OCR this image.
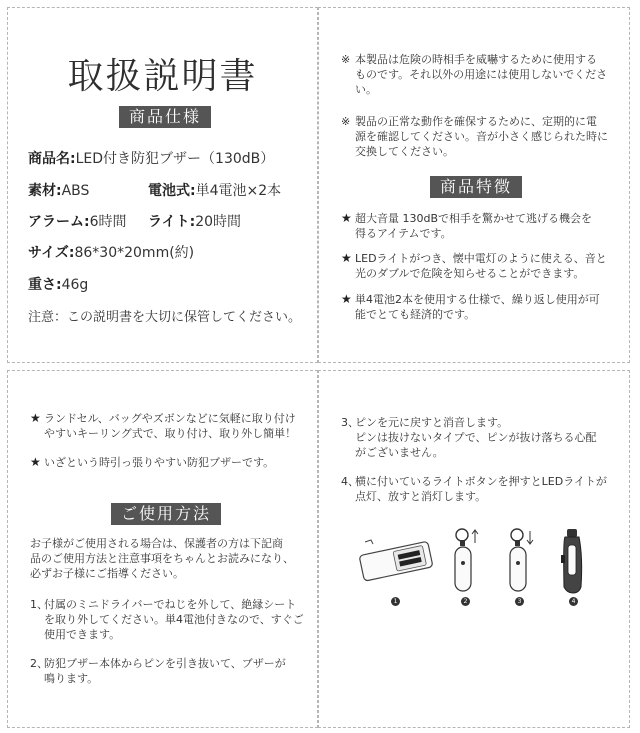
取扱説明書
商品仕様
商品名:LED付き防犯ブザー（130dB）
素材:ABS	電池式:単4電池×2本
アラーム:6時間 ライト:20時間
サイズ:86*30*20mm(約)
重さ:46g
注意：この説明書を大切に保管してください。
※ 本製品は危険の時相手を威嚇するために使用する
ものです。それ以外の用途には使用しないでくださ
い。
※ 製品の正常な動作を確保するために、定期的に電
源を確認してください。音が小さく感じられた時に
交換してください。
商品特徴
★ 超大音量 130dBで相手を驚かせて逃げる機会を
得るアイテムです。
★ LEDライトがつき、懐中電灯のように使える、音と
光のダブルで危険を知らせることができます。
★ 単4電池2本を使用する仕様で、繰り返し使用が可
能でとても経済的です。
★ ランドセル、バッグやズボンなどに気軽に取り付け
やすいキーリング式で、取り付け、取り外し簡単！
★ いざという時引っ張りやすい防犯ブザーです。
ご使用方法
お子様がご使用される場合は、保護者の方は下記商
品のご使用方法と注意事項をちゃんとお読みになり、
必ずお子様にご指導ください。
1、
付属のミニドライバーでねじを外して、絶縁シート
を取り外してください。単4電池付きなので、すぐご
使用できます。
2、
防犯ブザー本体からピンを引き抜いて、ブザーが
鳴ります。
3、
ピンを元に戻すと消音します。
ピンは抜けないタイプで、ピンが抜け落ちる心配
がございません。
4、
横に付いているライトボタンを押すとLEDライトが
点灯、放すと消灯します。
1	2	3	4
